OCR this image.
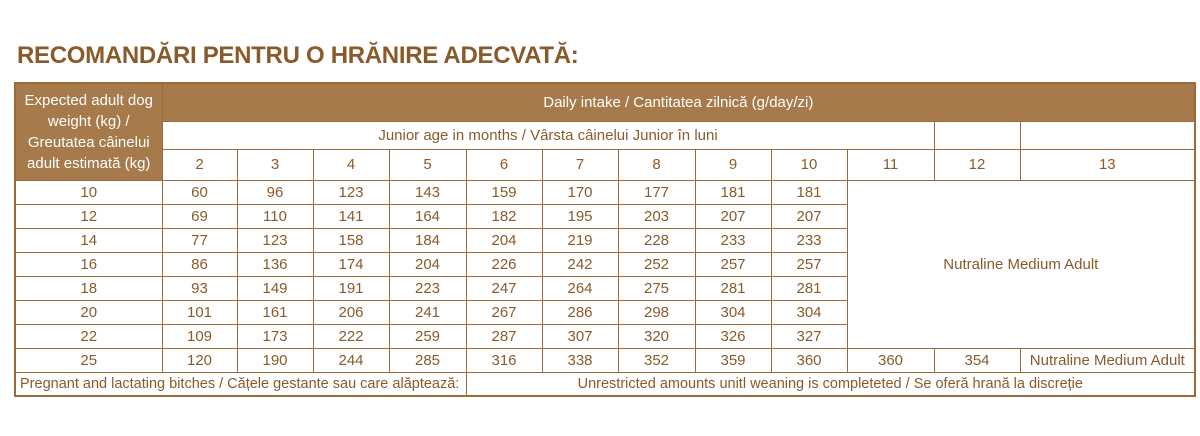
RECOMANDĂRI PENTRU O HRĂNIRE ADECVATĂ:
Expected adult dog weight (kg) / Greutatea câinelui adult estimată (kg)	Daily intake / Cantitatea zilnică (g/day/zi)											
	Junior age in months / Vârsta câinelui Junior în luni											
	2	3	4	5	6	7	8	9	10	11	12	13
10	60	96	123	143	159	170	177	181	181	Nutraline Medium Adult		
12	69	110	141	164	182	195	203	207	207			
14	77	123	158	184	204	219	228	233	233			
16	86	136	174	204	226	242	252	257	257			
18	93	149	191	223	247	264	275	281	281			
20	101	161	206	241	267	286	298	304	304			
22	109	173	222	259	287	307	320	326	327			
25	120	190	244	285	316	338	352	359	360	360	354	Nutraline Medium Adult
Pregnant and lactating bitches / Cățele gestante sau care alăptează:					Unrestricted amounts unitl weaning is completeted / Se oferă hrană la discreție							
